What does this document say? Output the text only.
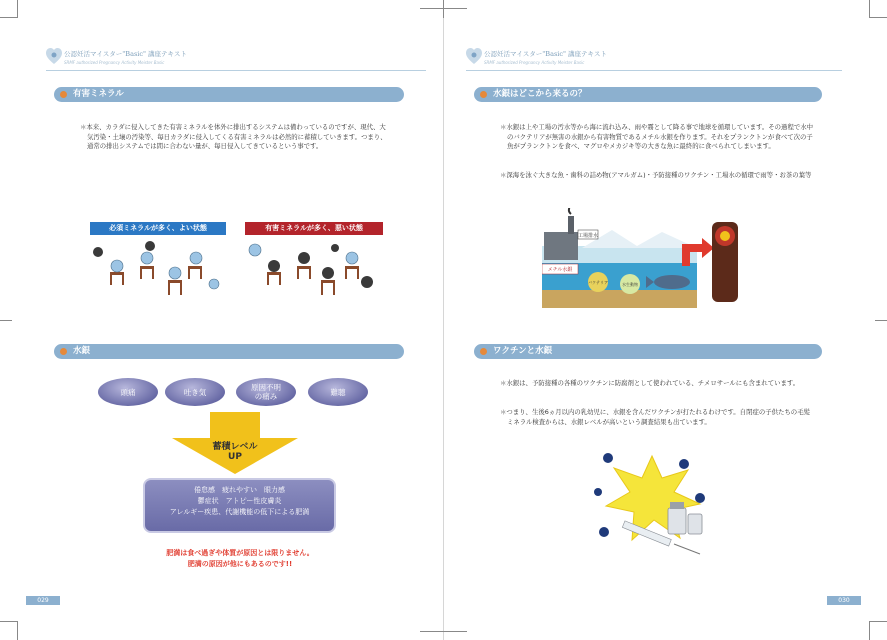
公認妊活マイスター"Basic" 講座テキスト
SRMF authorized Pregnancy Activity Meister Basic
有害ミネラル
＊本来、カラダに侵入してきた有害ミネラルを体外に排出するシステムは備わっているのですが、現代、大気汚染・土壌の汚染等、毎日カラダに侵入してくる有害ミネラルは必然的に蓄積していきます。つまり、通常の排出システムでは間に合わない量が、毎日侵入してきているという事です。
必須ミネラルが多く、よい状態	有害ミネラルが多く、悪い状態
水銀
頭痛	吐き気	原因不明
の痛み	難聴
蓄積レベル
UP
倦怠感　疲れやすい　眼力感
鬱症状　アトピー性皮膚炎
アレルギー疾患、代謝機能の低下による肥満
肥満は食べ過ぎや体質が原因とは限りません。
肥満の原因が他にもあるのです!!
029
公認妊活マイスター"Basic" 講座テキスト
SRMF authorized Pregnancy Activity Meister Basic
水銀はどこから来るの？
＊水銀は上や工場の汚水等から海に流れ込み、雨や霧として降る事で地球を循環しています。その過程で水中のバクテリアが無害の水銀から有害物質であるメチル水銀を作ります。それをプランクトンが食べて次の子魚がプランクトンを食べ、マグロやメカジキ等の大きな魚に最終的に食べられてしまいます。
＊深海を泳ぐ大きな魚・歯科の詰め物(アマルガム)・予防接種のワクチン・工場水の循環で雨等・お茶の葉等
工場排水
メチル水銀
バクテリア	水生動物
ワクチンと水銀
＊水銀は、予防接種の各種のワクチンに防腐剤として使われている、チメロサールにも含まれています。
＊つまり、生後6ヵ月以内の乳幼児に、水銀を含んだワクチンが打たれるわけです。自閉症の子供たちの毛髪ミネラル検査からは、水銀レベルが高いという調査結果も出ています。
030
